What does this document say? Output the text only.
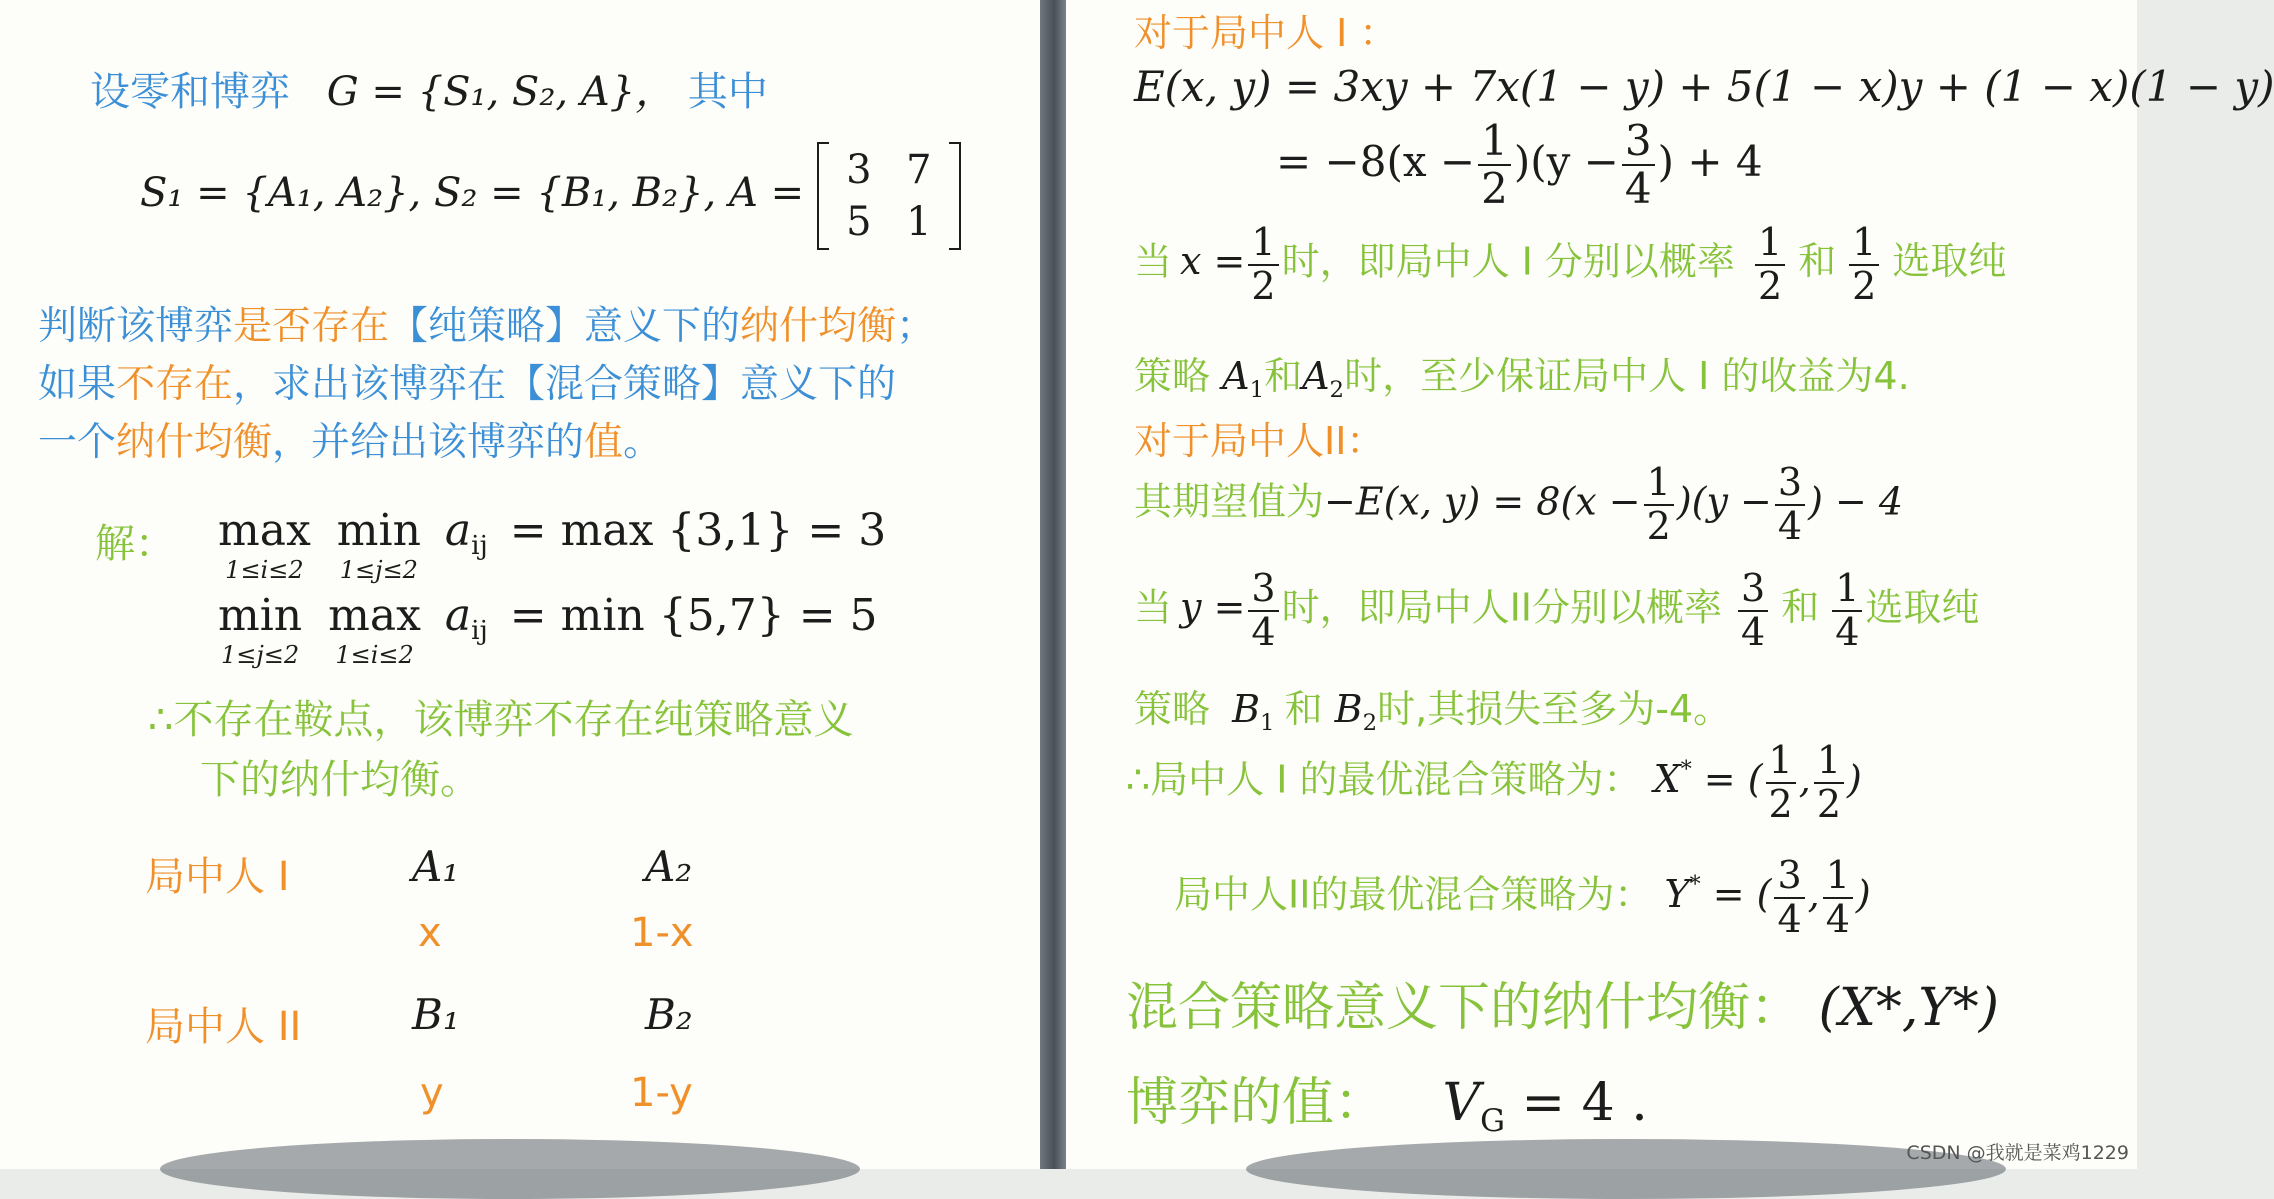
设零和博弈 G = {S₁, S₂, A}， 其中
S₁ = {A₁, A₂}, S₂ = {B₁, B₂}, A =	3 7
5 1
判断该博弈是否存在【纯策略】意义下的纳什均衡；
如果不存在，求出该博弈在【混合策略】意义下的
一个纳什均衡，并给出该博弈的值。
解： max
1≤i≤2

min
1≤j≤2
$a_{ij} = \max \{3,1\} = 3$
min
1≤j≤2

max
1≤i≤2
$a_{ij} = \min \{5,7\} = 5$
∴不存在鞍点，该博弈不存在纯策略意义
下的纳什均衡。
局中人 I	A₁	A₂
x	1-x
局中人 II	B₁	B₂
y	1-y
对于局中人 I ：
E(x, y) = 3xy + 7x(1 − y) + 5(1 − x)y + (1 − x)(1 − y)
= $-8(x - \frac{1}{2} )(y - \frac{3}{4}$ ) + 4
当 $x = \frac{1}{2}$ 时，即局中人 I 分别以概率 $\frac{1}{2}$ 和 $\frac{1}{2}$ 选取纯
策略 $A_1$和$A_2$时，至少保证局中人 I 的收益为4.
对于局中人II：
其期望值为−E(x, $y) = 8(x - \frac{1}{2} )(y - \frac{3}{4}$ ) − 4
当 $y = \frac{3}{4}$ 时，即局中人II分别以概率 $\frac{3}{4}$ 和 $\frac{1}{4}$ 选取纯
策略 $B_1$ 和 $B_2$时,其损失至多为-4。
∴局中人 I 的最优混合策略为： X* = ( $\frac{1}{2}$ , $\frac{1}{2}$ )
局中人II的最优混合策略为： Y* = ( $\frac{3}{4}$ , $\frac{1}{4}$ )
混合策略意义下的纳什均衡： (X*,Y*)
博弈的值： $V_G = 4$ .
CSDN @我就是菜鸡1229
